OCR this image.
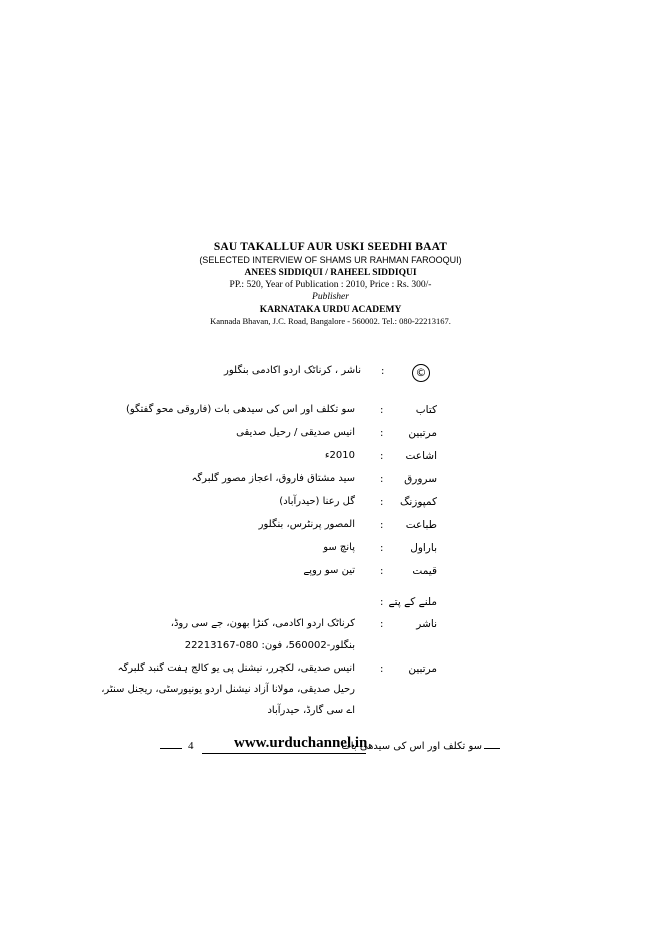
SAU TAKALLUF AUR USKI SEEDHI BAAT
(SELECTED INTERVIEW OF SHAMS UR RAHMAN FAROOQUI)
ANEES SIDDIQUI / RAHEEL SIDDIQUI
PP.: 520, Year of Publication : 2010, Price : Rs. 300/-
Publisher
KARNATAKA URDU ACADEMY
Kannada Bhavan, J.C. Road, Bangalore - 560002. Tel.: 080-22213167.
©
:
ناشر ، کرناٹک اردو اکادمی بنگلور
کتاب
:
سو تکلف اور اس کی سیدھی بات (فاروقی محو گفتگو)
مرتبین
:
انیس صدیقی / رحیل صدیقی
اشاعت
:
2010ء
سرورق
:
سید مشتاق فاروق، اعجاز مصور گلبرگہ
کمپوزنگ
:
گل رعنا (حیدرآباد)
طباعت
:
المصور پرنٹرس، بنگلور
باراول
:
پانچ سو
قیمت
:
تین سو روپے
ملنے کے پتے
:
ناشر
:
کرناٹک اردو اکادمی، کنڑا بھون، جے سی روڈ،
بنگلور-560002، فون: 080-22213167
مرتبین
:
انیس صدیقی، لکچرر، نیشنل پی یو کالج ہفت گنبد گلبرگہ
رحیل صدیقی، مولانا آزاد نیشنل اردو یونیورسٹی، ریجنل سنٹر،
اے سی گارڈ، حیدرآباد
4	www.urduchannel.in
سو تکلف اور اس کی سیدھی بات
